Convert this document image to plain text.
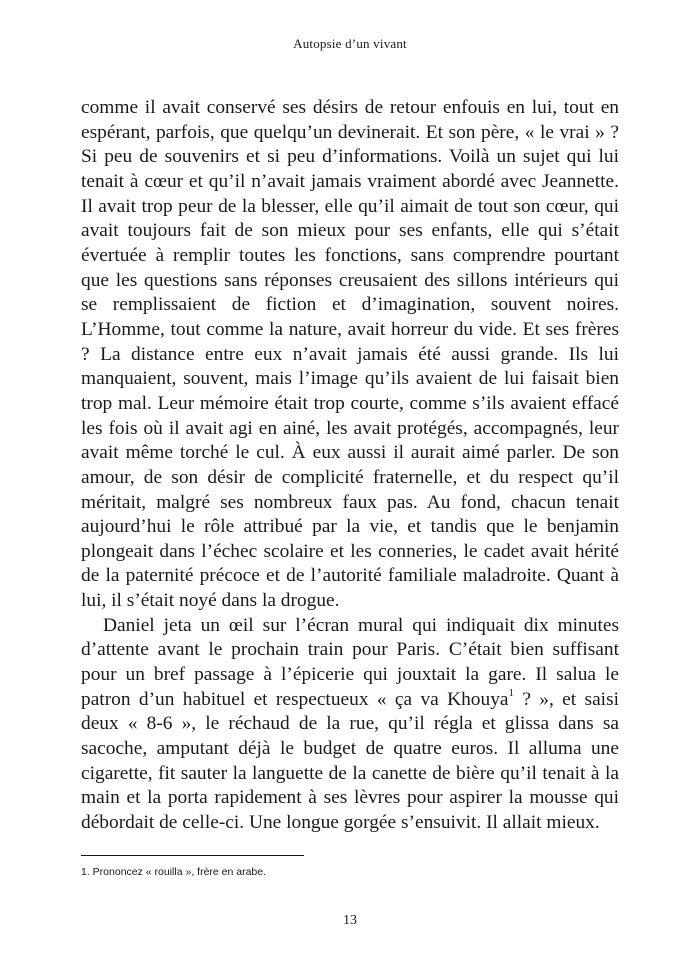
Autopsie d’un vivant

comme il avait conservé ses désirs de retour enfouis en lui, tout en espérant, parfois, que quelqu’un devinerait. Et son père, « le vrai » ? Si peu de souvenirs et si peu d’informations. Voilà un sujet qui lui tenait à cœur et qu’il n’avait jamais vraiment abordé avec Jeannette. Il avait trop peur de la blesser, elle qu’il aimait de tout son cœur, qui avait toujours fait de son mieux pour ses enfants, elle qui s’était évertuée à remplir toutes les fonctions, sans comprendre pourtant que les questions sans réponses creusaient des sillons intérieurs qui se remplissaient de fiction et d’imagination, souvent noires. L’Homme, tout comme la nature, avait horreur du vide. Et ses frères ? La distance entre eux n’avait jamais été aussi grande. Ils lui manquaient, souvent, mais l’image qu’ils avaient de lui faisait bien trop mal. Leur mémoire était trop courte, comme s’ils avaient effacé les fois où il avait agi en ainé, les avait protégés, accompagnés, leur avait même torché le cul. À eux aussi il aurait aimé parler. De son amour, de son désir de complicité fraternelle, et du respect qu’il méritait, malgré ses nombreux faux pas. Au fond, chacun tenait aujourd’hui le rôle attribué par la vie, et tandis que le benjamin plongeait dans l’échec scolaire et les conneries, le cadet avait hérité de la paternité précoce et de l’autorité familiale maladroite. Quant à lui, il s’était noyé dans la drogue.

Daniel jeta un œil sur l’écran mural qui indiquait dix minutes d’attente avant le prochain train pour Paris. C’était bien suffisant pour un bref passage à l’épicerie qui jouxtait la gare. Il salua le patron d’un habituel et respectueux « ça va Khouya$^1$ ? », et saisi deux « 8-6 », le réchaud de la rue, qu’il régla et glissa dans sa sacoche, amputant déjà le budget de quatre euros. Il alluma une cigarette, fit sauter la languette de la canette de bière qu’il tenait à la main et la porta rapidement à ses lèvres pour aspirer la mousse qui débordait de celle-ci. Une longue gorgée s’ensuivit. Il allait mieux.

1. Prononcez « rouilla », frère en arabe.
13
